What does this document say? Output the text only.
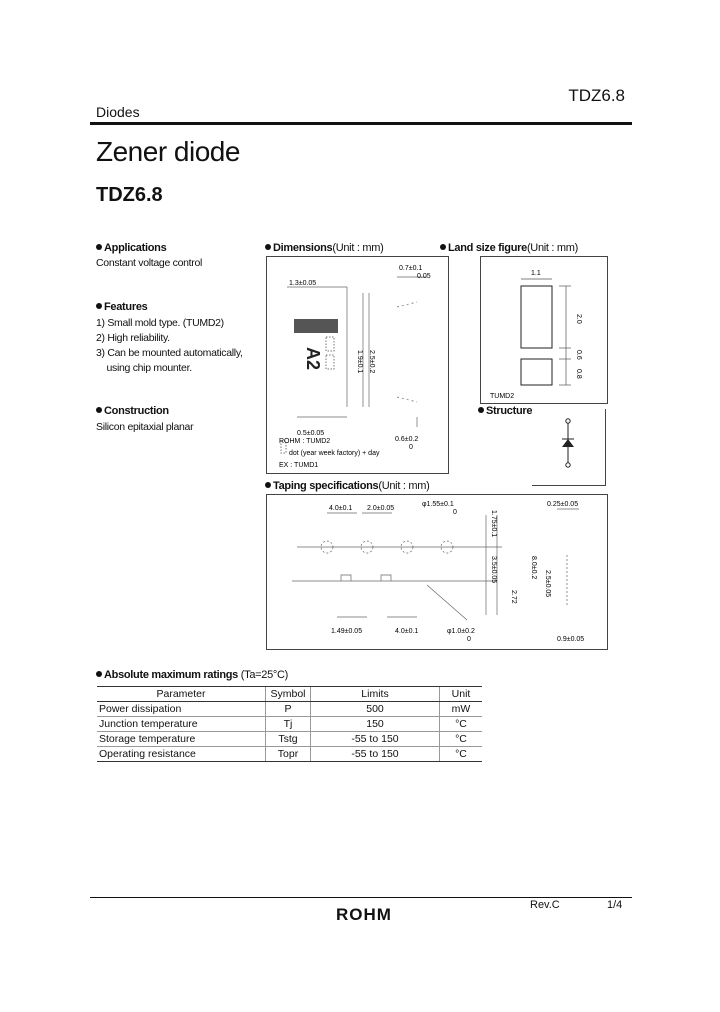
Diodes
TDZ6.8
Zener diode
TDZ6.8
Applications
Constant voltage control
Features
1) Small mold type. (TUMD2)
2) High reliability.
3) Can be mounted automatically,
using chip mounter.
Construction
Silicon epitaxial planar
Dimensions(Unit : mm)
A2
0.7±0.1
0.05
1.3±0.05
1.9±0.1 2.5±0.2
0.5±0.05
0.6±0.2
0
ROHM : TUMD2
dot (year week factory) + day
EX : TUMD1
Land size figure(Unit : mm)
1.1
2.0
0.6
0.8
TUMD2
Structure
Taping specifications(Unit : mm)
4.0±0.1 2.0±0.05
φ1.55±0.1
0	1.75±0.1
0.25±0.05
3.5±0.05	8.0±0.2
2.5±0.05
2.72
1.49±0.05	4.0±0.1	φ1.0±0.2
0	0.9±0.05
Absolute maximum ratings (Ta=25°C)
Parameter	Symbol	Limits	Unit
Power dissipation	P	500	mW
Junction temperature	Tj	150	°C
Storage temperature	Tstg	-55 to 150	°C
Operating resistance	Topr	-55 to 150	°C
Rev.C	1/4
ROHM
